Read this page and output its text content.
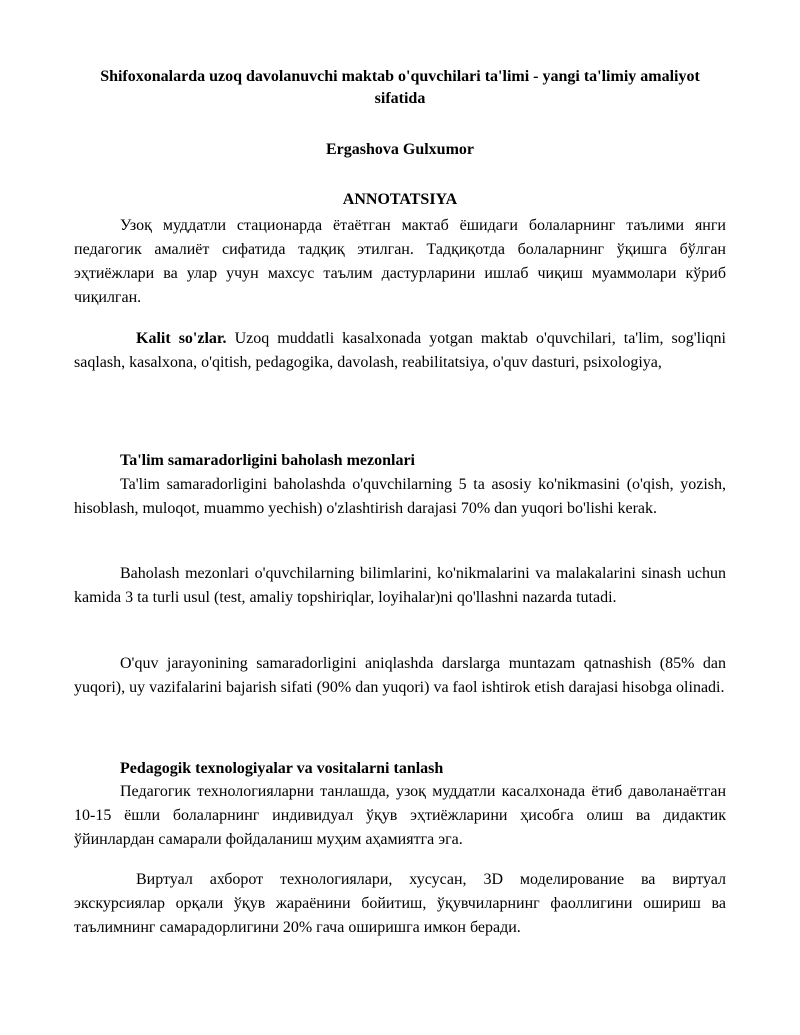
Shifoxonalarda uzoq davolanuvchi maktab o'quvchilari ta'limi - yangi ta'limiy amaliyot sifatida
Ergashova Gulxumor
ANNOTATSIYA

Узоқ муддатли стационарда ётаётган мактаб ёшидаги болаларнинг таълими янги педагогик амалиёт сифатида тадқиқ этилган. Тадқиқотда болаларнинг ўқишга бўлган эҳтиёжлари ва улар учун махсус таълим дастурларини ишлаб чиқиш муаммолари кўриб чиқилган.

Kalit so'zlar. Uzoq muddatli kasalxonada yotgan maktab o'quvchilari, ta'lim, sog'liqni saqlash, kasalxona, o'qitish, pedagogika, davolash, reabilitatsiya, o'quv dasturi, psixologiya,

Ta'lim samaradorligini baholash mezonlari

Ta'lim samaradorligini baholashda o'quvchilarning 5 ta asosiy ko'nikmasini (o'qish, yozish, hisoblash, muloqot, muammo yechish) o'zlashtirish darajasi 70% dan yuqori bo'lishi kerak.

Baholash mezonlari o'quvchilarning bilimlarini, ko'nikmalarini va malakalarini sinash uchun kamida 3 ta turli usul (test, amaliy topshiriqlar, loyihalar)ni qo'llashni nazarda tutadi.

O'quv jarayonining samaradorligini aniqlashda darslarga muntazam qatnashish (85% dan yuqori), uy vazifalarini bajarish sifati (90% dan yuqori) va faol ishtirok etish darajasi hisobga olinadi.

Pedagogik texnologiyalar va vositalarni tanlash

Педагогик технологияларни танлашда, узоқ муддатли касалхонада ётиб даволанаётган 10-15 ёшли болаларнинг индивидуал ўқув эҳтиёжларини ҳисобга олиш ва дидактик ўйинлардан самарали фойдаланиш муҳим аҳамиятга эга.

Виртуал ахборот технологиялари, хусусан, 3D моделирование ва виртуал экскурсиялар орқали ўқув жараёнини бойитиш, ўқувчиларнинг фаоллигини ошириш ва таълимнинг самарадорлигини 20% гача оширишга имкон беради.
